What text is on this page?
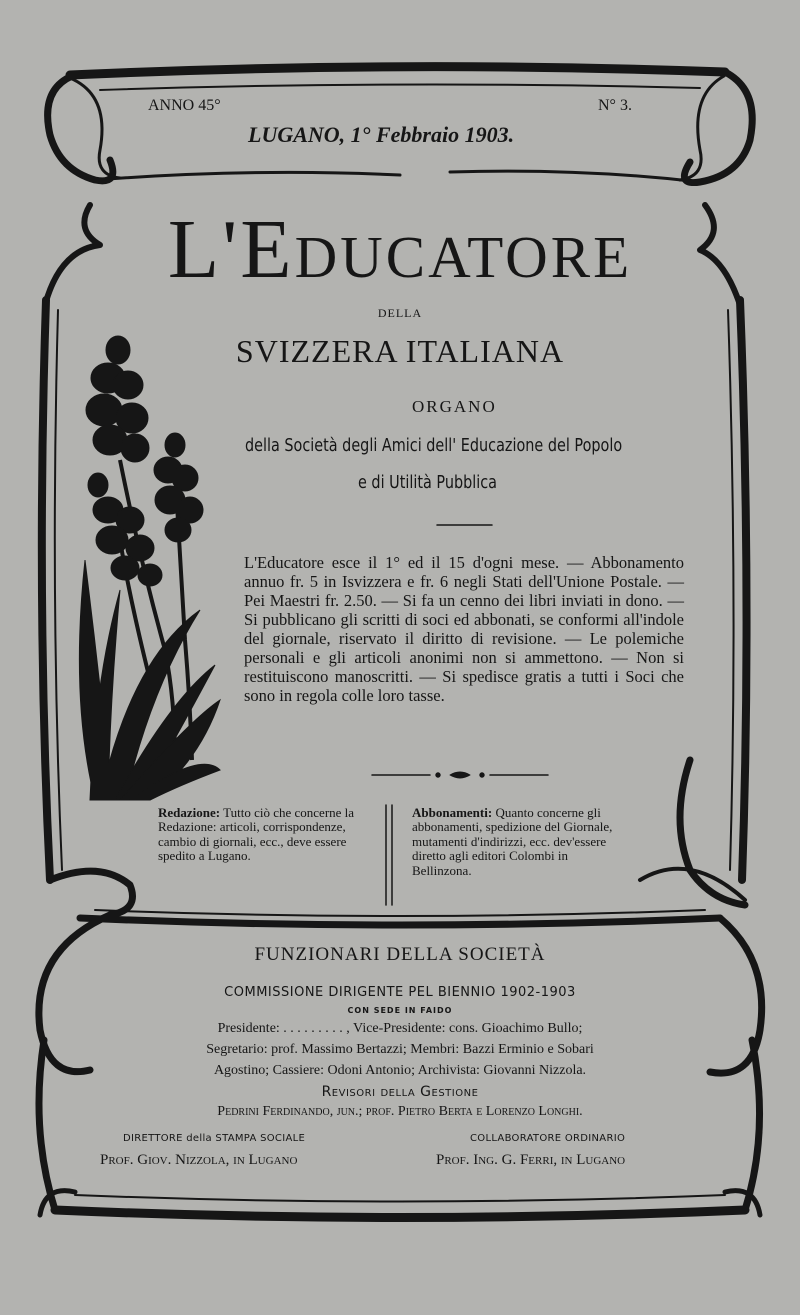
ANNO 45°	N° 3.
LUGANO, 1° Febbraio 1903.
L'Educatore
DELLA
SVIZZERA ITALIANA
ORGANO
della Società degli Amici dell' Educazione del Popolo
e di Utilità Pubblica

L'Educatore esce il 1° ed il 15 d'ogni mese. — Abbonamento annuo fr. 5 in Isvizzera e fr. 6 negli Stati dell'Unione Postale. — Pei Maestri fr. 2.50. — Si fa un cenno dei libri inviati in dono. — Si pubblicano gli scritti di soci ed abbonati, se conformi all'indole del giornale, riservato il diritto di revisione. — Le polemiche personali e gli articoli anonimi non si ammettono. — Non si restituiscono manoscritti. — Si spedisce gratis a tutti i Soci che sono in regola colle loro tasse.

Redazione: Tutto ciò che concerne la Redazione: articoli, corrispondenze, cambio di giornali, ecc., deve essere spedito a Lugano.
Abbonamenti: Quanto concerne gli abbonamenti, spedizione del Giornale, mutamenti d'indirizzi, ecc. dev'essere diretto agli editori Colombi in Bellinzona.
FUNZIONARI DELLA SOCIETÀ
COMMISSIONE DIRIGENTE PEL BIENNIO 1902-1903
CON SEDE IN FAIDO
Presidente: . . . . . . . . . , Vice-Presidente: cons. Gioachimo Bullo;
Segretario: prof. Massimo Bertazzi; Membri: Bazzi Erminio e Sobari
Agostino; Cassiere: Odoni Antonio; Archivista: Giovanni Nizzola.
Revisori della Gestione
Pedrini Ferdinando, jun.; prof. Pietro Berta e Lorenzo Longhi.
DIRETTORE della STAMPA SOCIALE
Prof. Giov. Nizzola, in Lugano
COLLABORATORE ORDINARIO
Prof. Ing. G. Ferri, in Lugano
